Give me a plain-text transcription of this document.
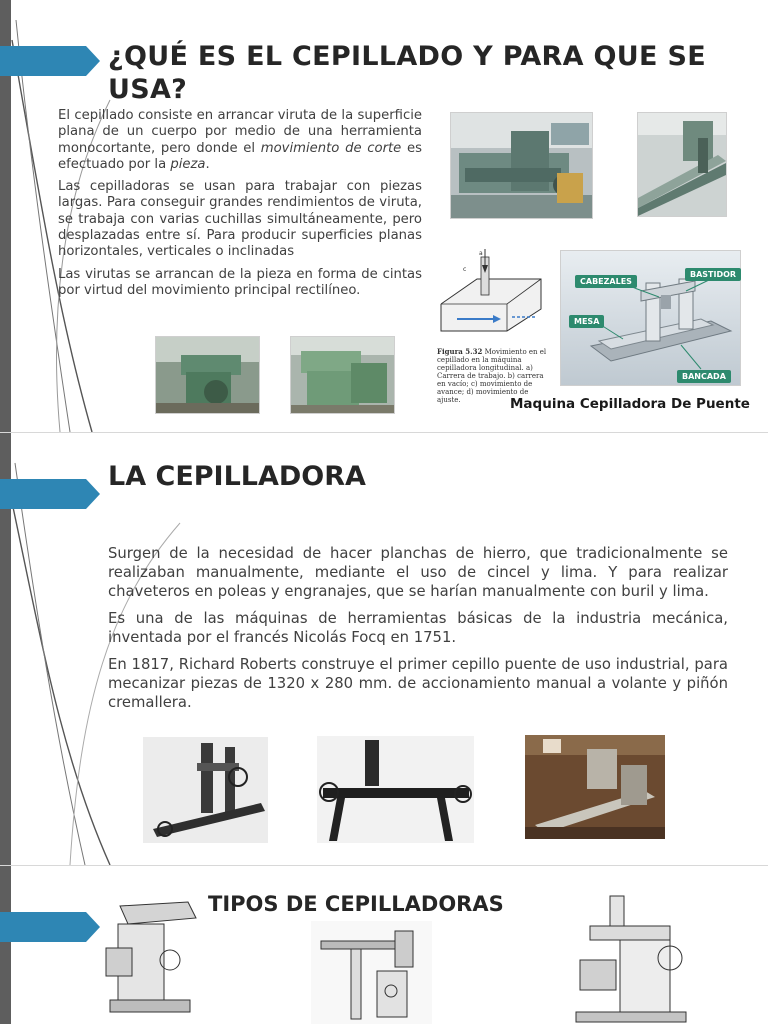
¿QUÉ ES EL CEPILLADO Y PARA QUE SE USA?

El cepillado consiste en arrancar viruta de la superficie plana de un cuerpo por medio de una herramienta monocortante, pero donde el movimiento de corte es efectuado por la pieza.

Las cepilladoras se usan para trabajar con piezas largas. Para conseguir grandes rendimientos de viruta, se trabaja con varias cuchillas simultáneamente, pero desplazadas entre sí. Para producir superficies planas horizontales, verticales o inclinadas

Las virutas se arrancan de la pieza en forma de cintas por virtud del movimiento principal rectilíneo.

c
a
Figura 5.32 Movimiento en el cepillado en la máquina cepilladora longitudinal. a) Carrera de trabajo. b) carrera en vacío; c) movimiento de avance; d) movimiento de ajuste.
CABEZALES
BASTIDOR
MESA
BANCADA
Maquina Cepilladora De Puente
LA CEPILLADORA

Surgen de la necesidad de hacer planchas de hierro, que tradicionalmente se realizaban manualmente, mediante el uso de cincel y lima. Y para realizar chaveteros en poleas y engranajes, que se harían manualmente con buril y lima.

Es una de las máquinas de herramientas básicas de la industria mecánica, inventada por el francés Nicolás Focq en 1751.

En 1817, Richard Roberts construye el primer cepillo puente de uso industrial, para mecanizar piezas de 1320 x 280 mm. de accionamiento manual a volante y piñón cremallera.

TIPOS DE CEPILLADORAS
